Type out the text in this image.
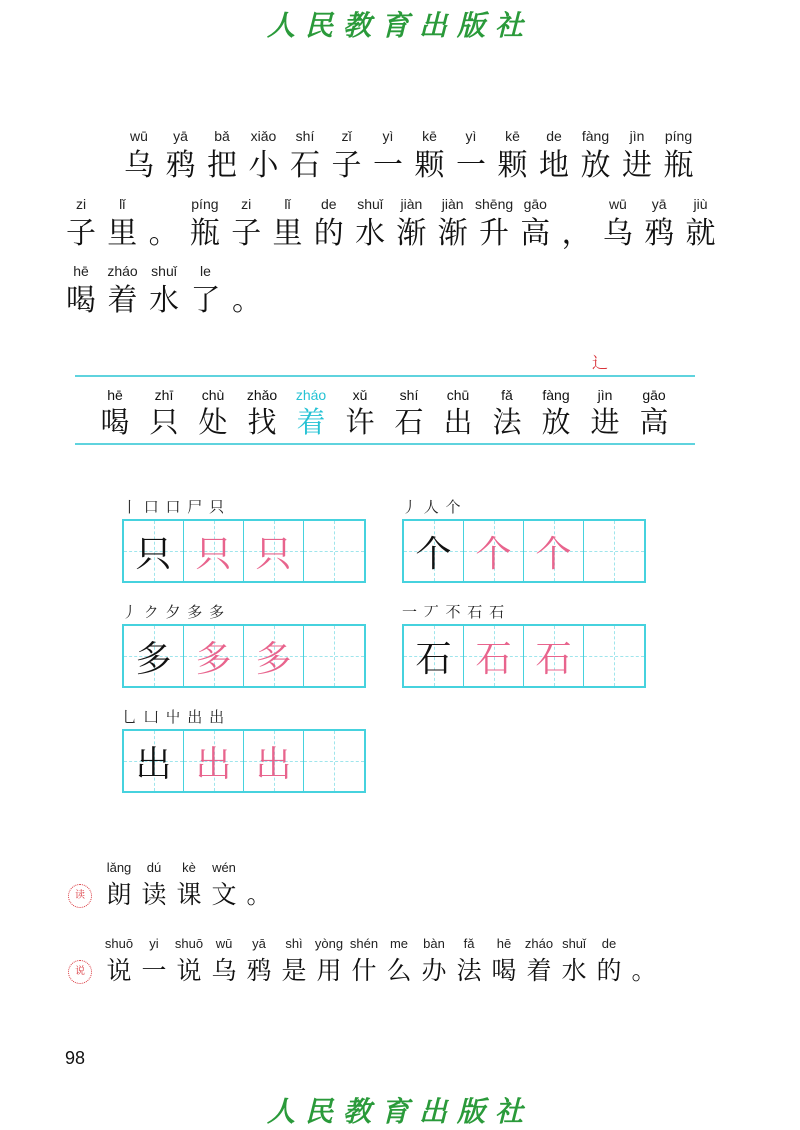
人民教育出版社
wū
乌
yā
鸦
bǎ
把
xiǎo
小
shí
石
zǐ
子
yì
一
kē
颗
yì
一
kē
颗
de
地
fàng
放
jìn
进
píng
瓶
zi
子
lǐ
里 。
píng
瓶
zi
子
lǐ
里
de
的
shuǐ
水
jiàn
渐
jiàn
渐
shēng
升
gāo
高 ，
wū
乌
yā
鸦
jiù
就
hē
喝
zháo
着
shuǐ
水
le
了 。
辶
hē
喝
zhī
只
chù
处
zhǎo
找
zháo
着
xǔ
许
shí
石
chū
出
fǎ
法
fàng
放
jìn
进
gāo
高
丨 口 口 尸 只
只 只 只
丿 人 个
个 个 个
丿 ク 夕 多 多
多 多 多
一 丆 不 石 石
石 石 石
乚 凵 屮 出 出
出 出 出
读
lǎng
朗
dú
读
kè
课
wén
文 。
说
shuō
说
yi
一
shuō
说
wū
乌
yā
鸦
shì
是
yòng
用
shén
什
me
么
bàn
办
fǎ
法
hē
喝
zháo
着
shuǐ
水
de
的 。
98
人民教育出版社
